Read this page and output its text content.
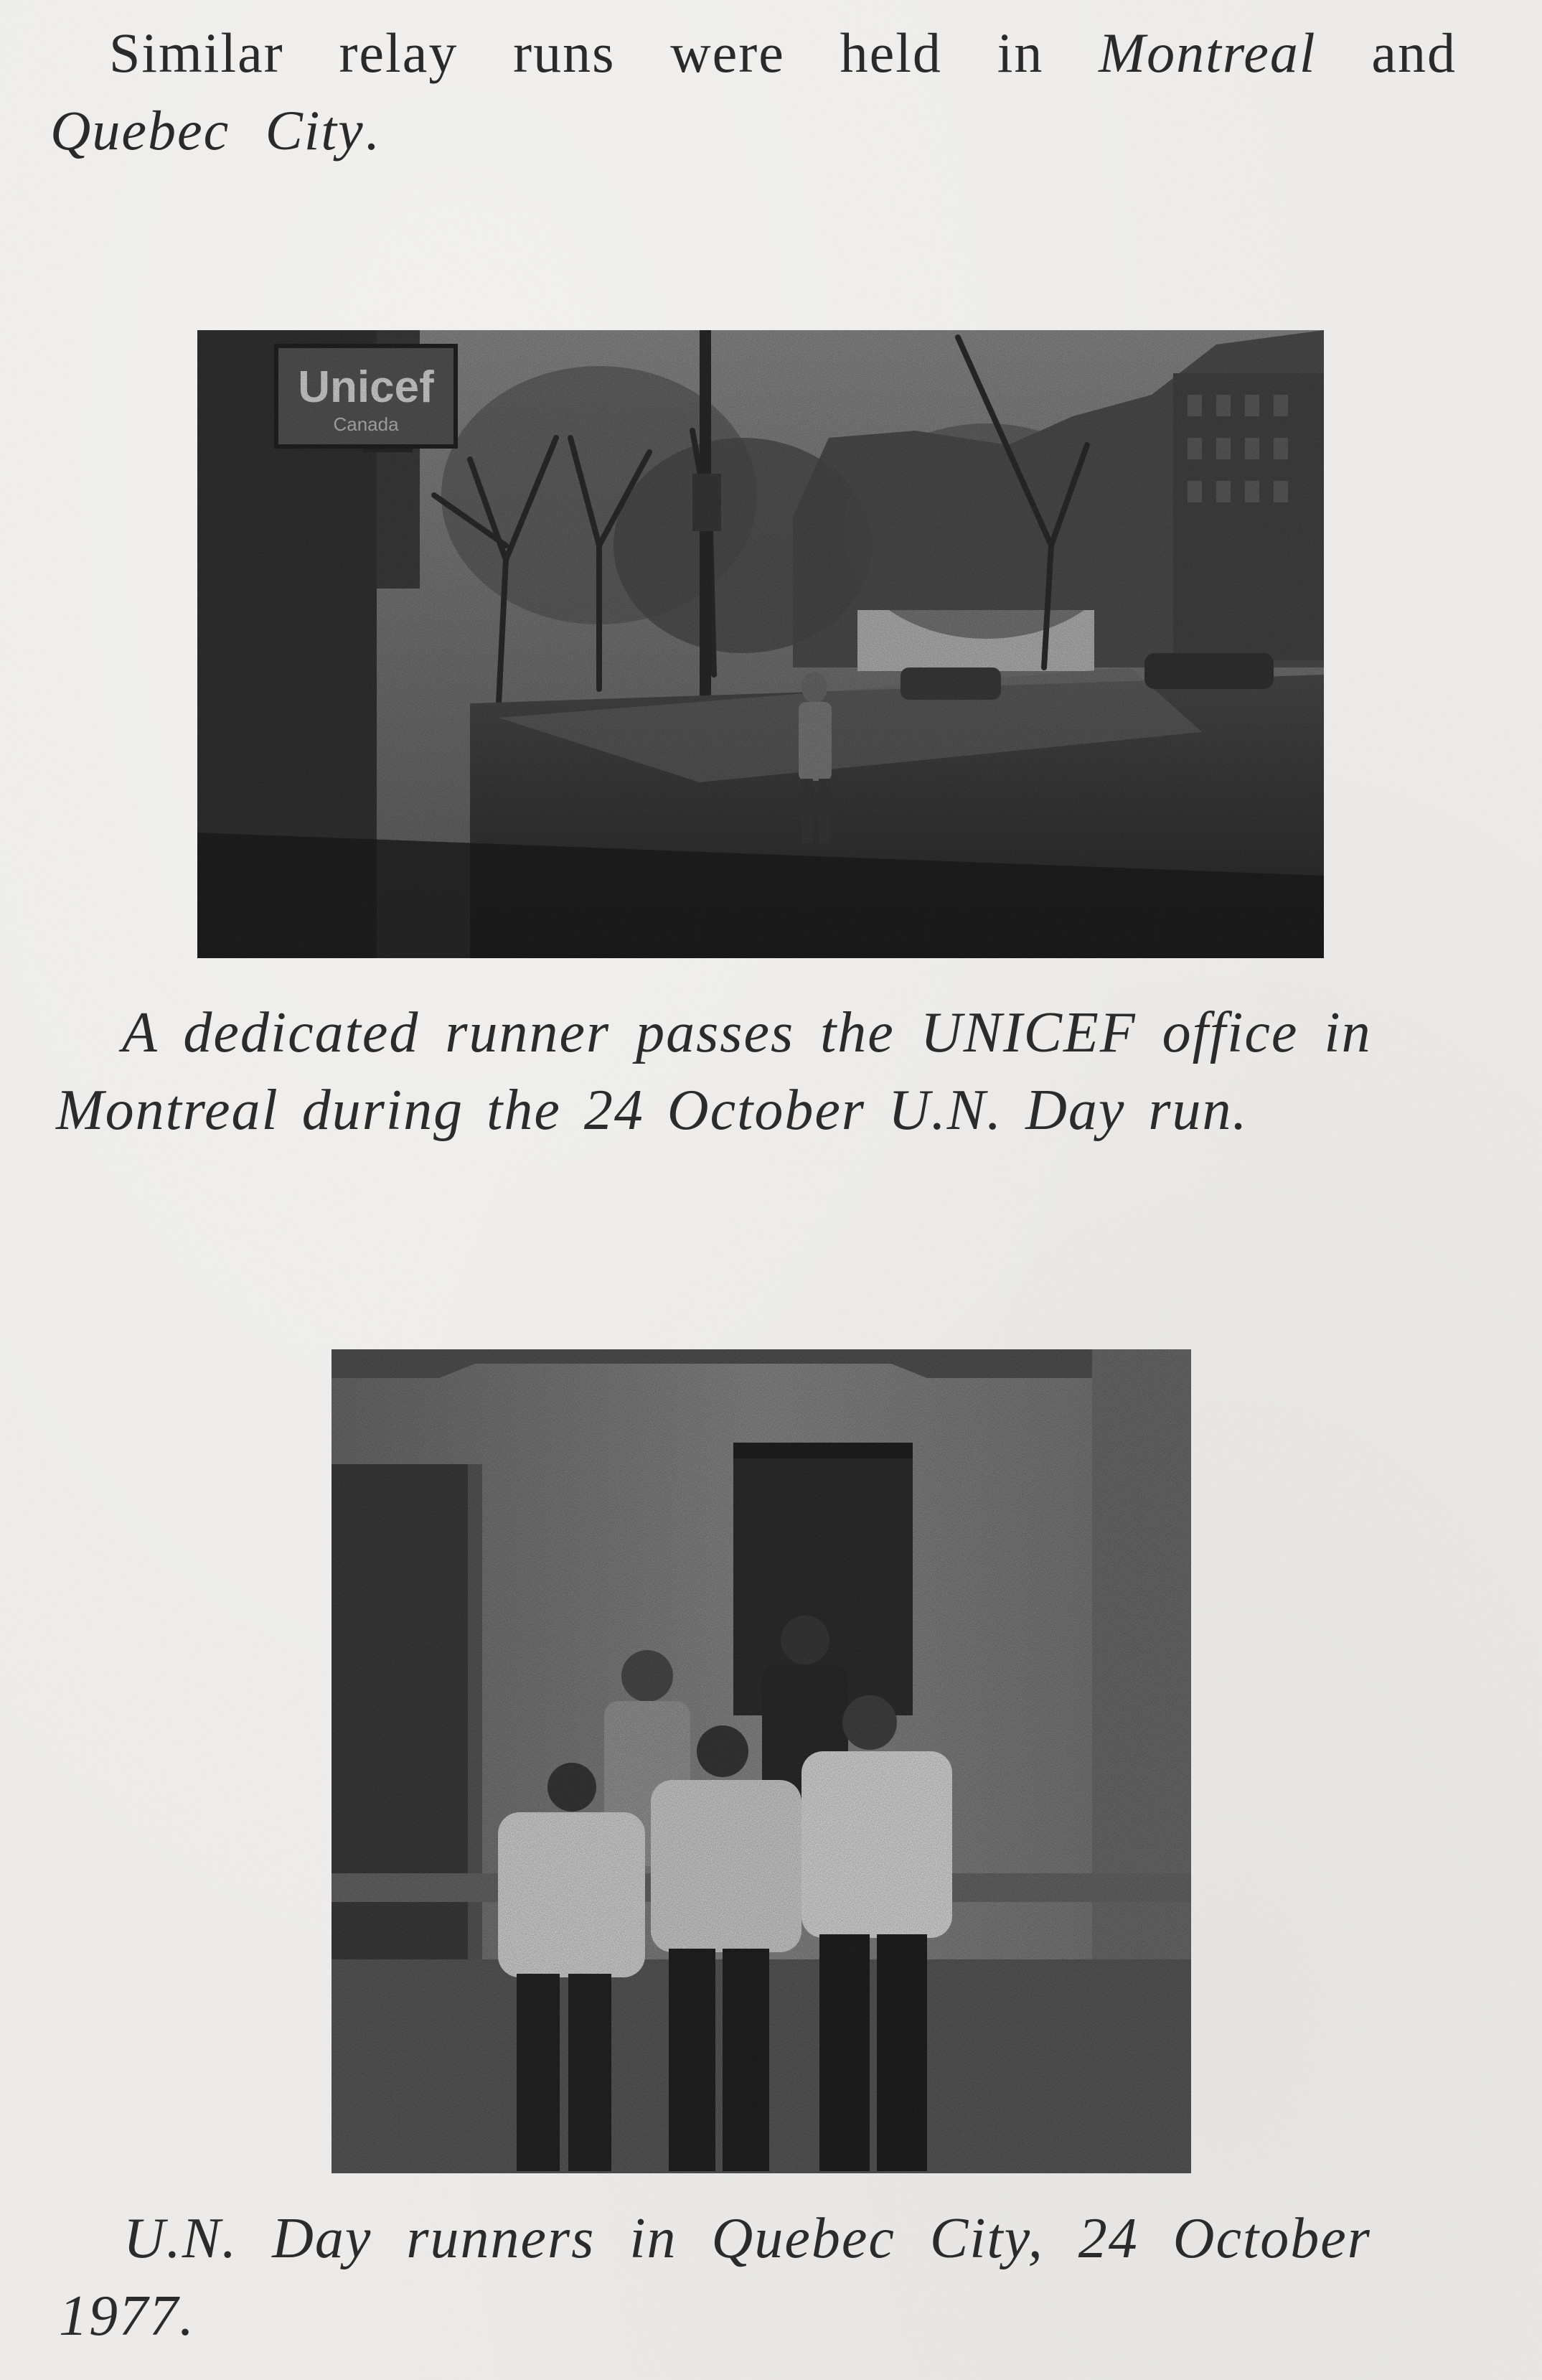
Similar relay runs were held in Montreal and
Quebec City.

A dedicated runner passes the UNICEF office in
Montreal during the 24 October U.N. Day run.

U.N. Day runners in Quebec City, 24 October
1977.
